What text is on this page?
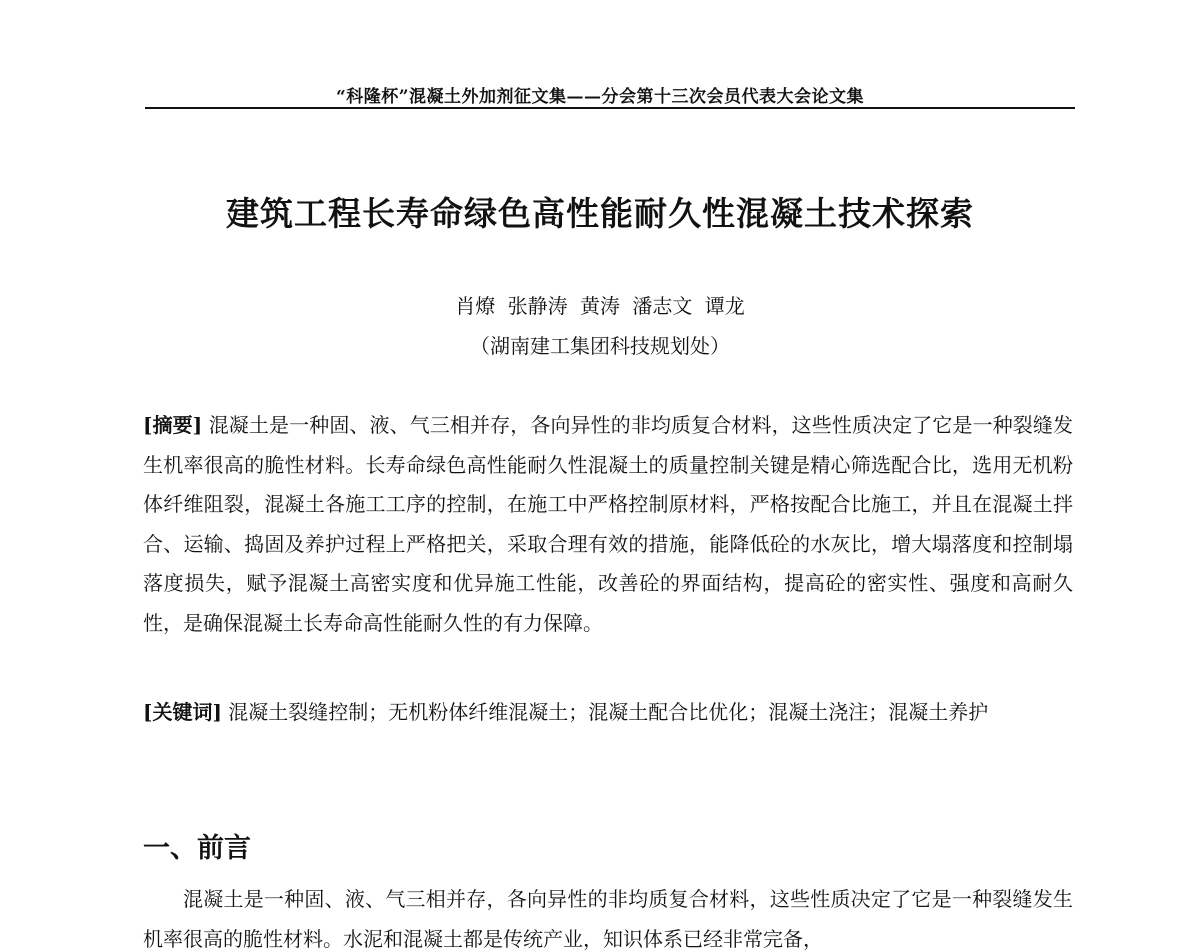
“科隆杯”混凝土外加剂征文集——分会第十三次会员代表大会论文集
建筑工程长寿命绿色高性能耐久性混凝土技术探索
肖燎 张静涛 黄涛 潘志文 谭龙
（湖南建工集团科技规划处）
[摘要] 混凝土是一种固、液、气三相并存，各向异性的非均质复合材料，这些性质决定了它是一种裂缝发生机率很高的脆性材料。长寿命绿色高性能耐久性混凝土的质量控制关键是精心筛选配合比，选用无机粉体纤维阻裂，混凝土各施工工序的控制，在施工中严格控制原材料，严格按配合比施工，并且在混凝土拌合、运输、捣固及养护过程上严格把关，采取合理有效的措施，能降低砼的水灰比，增大塌落度和控制塌落度损失，赋予混凝土高密实度和优异施工性能，改善砼的界面结构，提高砼的密实性、强度和高耐久性，是确保混凝土长寿命高性能耐久性的有力保障。
[关键词] 混凝土裂缝控制；无机粉体纤维混凝土；混凝土配合比优化；混凝土浇注；混凝土养护
一、前言
混凝土是一种固、液、气三相并存，各向异性的非均质复合材料，这些性质决定了它是一种裂缝发生机率很高的脆性材料。水泥和混凝土都是传统产业，知识体系已经非常完备，
